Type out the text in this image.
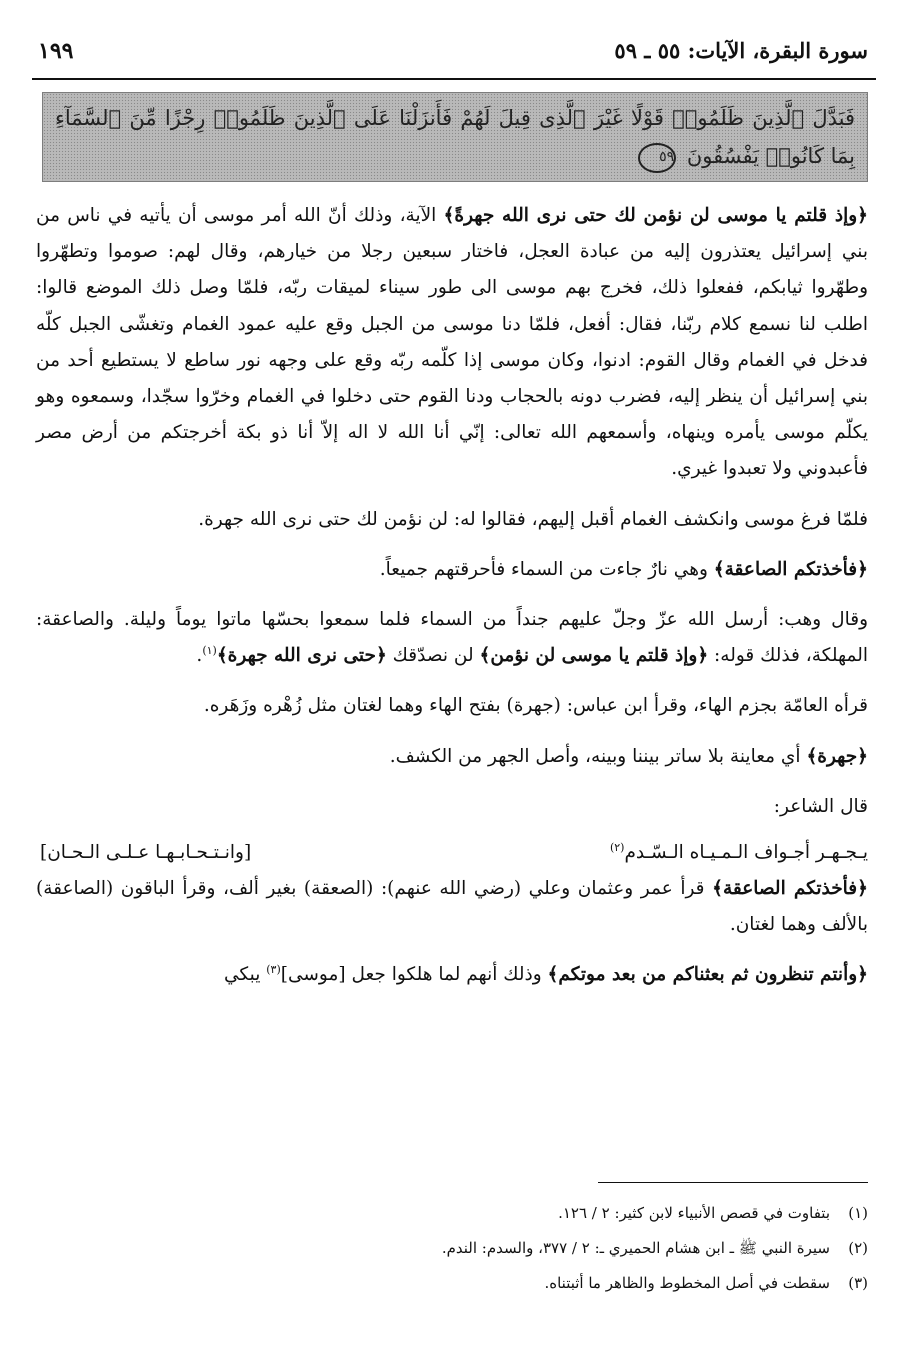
سورة البقرة، الآيات: ٥٥ ـ ٥٩
١٩٩
فَبَدَّلَ ٱلَّذِينَ ظَلَمُوا۟ قَوْلًا غَيْرَ ٱلَّذِى قِيلَ لَهُمْ فَأَنزَلْنَا عَلَى ٱلَّذِينَ ظَلَمُوا۟ رِجْزًا مِّنَ ٱلسَّمَآءِ بِمَا كَانُوا۟ يَفْسُقُونَ ٥٩

﴿وإذ قلتم يا موسى لن نؤمن لك حتى نرى الله جهرةً﴾ الآية، وذلك أنّ الله أمر موسى أن يأتيه في ناس من بني إسرائيل يعتذرون إليه من عبادة العجل، فاختار سبعين رجلا من خيارهم، وقال لهم: صوموا وتطهّروا وطهّروا ثيابكم، ففعلوا ذلك، فخرج بهم موسى الى طور سيناء لميقات ربّه، فلمّا وصل ذلك الموضع قالوا: اطلب لنا نسمع كلام ربّنا، فقال: أفعل، فلمّا دنا موسى من الجبل وقع عليه عمود الغمام وتغشّى الجبل كلّه فدخل في الغمام وقال القوم: ادنوا، وكان موسى إذا كلّمه ربّه وقع على وجهه نور ساطع لا يستطيع أحد من بني إسرائيل أن ينظر إليه، فضرب دونه بالحجاب ودنا القوم حتى دخلوا في الغمام وخرّوا سجّدا، وسمعوه وهو يكلّم موسى يأمره وينهاه، وأسمعهم الله تعالى: إنّي أنا الله لا اله إلاّ أنا ذو بكة أخرجتكم من أرض مصر فأعبدوني ولا تعبدوا غيري.

فلمّا فرغ موسى وانكشف الغمام أقبل إليهم، فقالوا له: لن نؤمن لك حتى نرى الله جهرة.

﴿فأخذتكم الصاعقة﴾ وهي نارٌ جاءت من السماء فأحرقتهم جميعاً.

وقال وهب: أرسل الله عزّ وجلّ عليهم جنداً من السماء فلما سمعوا بحسّها ماتوا يوماً وليلة. والصاعقة: المهلكة، فذلك قوله: ﴿وإذ قلتم يا موسى لن نؤمن﴾ لن نصدّقك ﴿حتى نرى الله جهرة﴾$^{(١)}$.

قرأه العامّة بجزم الهاء، وقرأ ابن عباس: (جهرة) بفتح الهاء وهما لغتان مثل زُهْره وزَهَره.

﴿جهرة﴾ أي معاينة بلا ساتر بيننا وبينه، وأصل الجهر من الكشف.

قال الشاعر:

يـجـهـر أجـواف الـمـيـاه الـسّـدم$^{(٢)}$
[وانـتـحـابـهـا عـلـى الـحـان]

﴿فأخذتكم الصاعقة﴾ قرأ عمر وعثمان وعلي (رضي الله عنهم): (الصعقة) بغير ألف، وقرأ الباقون (الصاعقة) بالألف وهما لغتان.

﴿وأنتم تنظرون ثم بعثناكم من بعد موتكم﴾ وذلك أنهم لما هلكوا جعل [موسى]$^{(٣)}$ يبكي

(١)بتفاوت في قصص الأنبياء لابن كثير: ٢ / ١٢٦.
(٢)سيرة النبي ﷺ ـ ابن هشام الحميري ـ: ٢ / ٣٧٧، والسدم: الندم.
(٣)سقطت في أصل المخطوط والظاهر ما أثبتناه.
